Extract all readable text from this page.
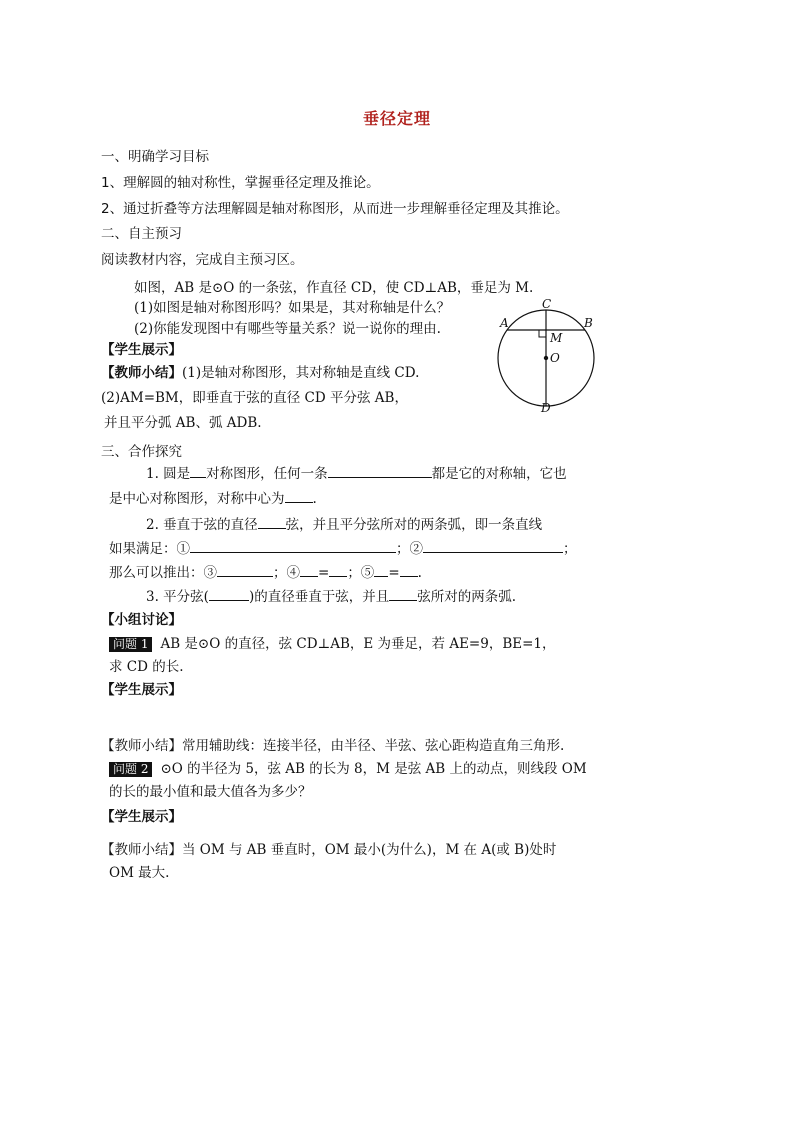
垂径定理
一、明确学习目标
1、理解圆的轴对称性，掌握垂径定理及推论。
2、通过折叠等方法理解圆是轴对称图形，从而进一步理解垂径定理及其推论。
二、自主预习
阅读教材内容，完成自主预习区。
如图，AB 是⊙O 的一条弦，作直径 CD，使 CD⊥AB，垂足为 M.
(1)如图是轴对称图形吗？如果是，其对称轴是什么？
(2)你能发现图中有哪些等量关系？说一说你的理由.
【学生展示】
【教师小结】(1)是轴对称图形，其对称轴是直线 CD.
(2)AM=BM，即垂直于弦的直径 CD 平分弦 AB，
并且平分弧 AB、弧 ADB.
C
A	B
M
O
D
三、合作探究
1. 圆是 对称图形，任何一条	都是它的对称轴，它也
是中心对称图形，对称中心为 .
2. 垂直于弦的直径 弦，并且平分弦所对的两条弧，即一条直线
如果满足：①	；②	；
那么可以推出：③	；④ = ；⑤ = .
3. 平分弦(	)的直径垂直于弦，并且 弦所对的两条弧.
【小组讨论】
问题 1 AB 是⊙O 的直径，弦 CD⊥AB，E 为垂足，若 AE=9，BE=1，
求 CD 的长.
【学生展示】
【教师小结】常用辅助线：连接半径，由半径、半弦、弦心距构造直角三角形.
问题 2 ⊙O 的半径为 5，弦 AB 的长为 8，M 是弦 AB 上的动点，则线段 OM
的长的最小值和最大值各为多少？
【学生展示】
【教师小结】当 OM 与 AB 垂直时，OM 最小(为什么)，M 在 A(或 B)处时
OM 最大.
